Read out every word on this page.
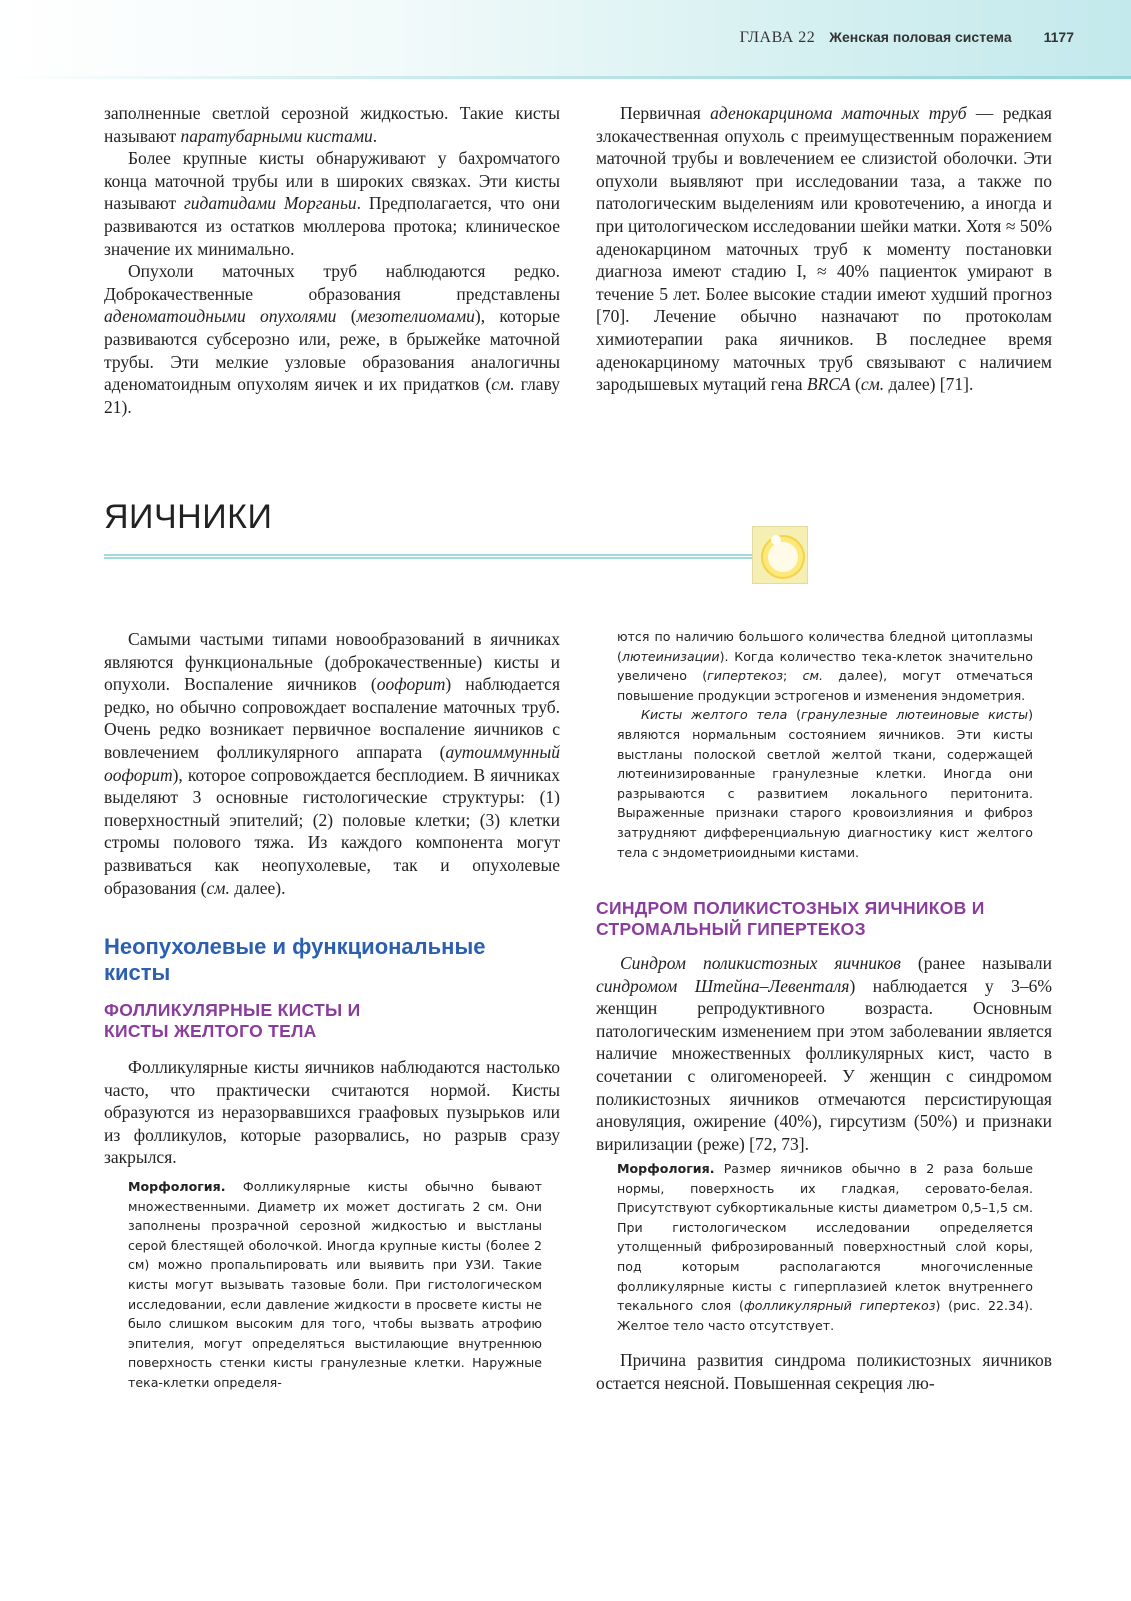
ГЛАВА 22 Женская половая система 1177

заполненные светлой серозной жидкостью. Такие кисты называют паратубарными кистами.

Более крупные кисты обнаруживают у бахромчатого конца маточной трубы или в широких связках. Эти кисты называют гидатидами Морганьи. Предполагается, что они развиваются из остатков мюллерова протока; клиническое значение их минимально.

Опухоли маточных труб наблюдаются редко. Доброкачественные образования представлены аденоматоидными опухолями (мезотелиомами), которые развиваются субсерозно или, реже, в брыжейке маточной трубы. Эти мелкие узловые образования аналогичны аденоматоидным опухолям яичек и их придатков (см. главу 21).

Первичная аденокарцинома маточных труб — редкая злокачественная опухоль с преимущественным поражением маточной трубы и вовлечением ее слизистой оболочки. Эти опухоли выявляют при исследовании таза, а также по патологическим выделениям или кровотечению, а иногда и при цитологическом исследовании шейки матки. Хотя ≈ 50% аденокарцином маточных труб к моменту постановки диагноза имеют стадию I, ≈ 40% пациенток умирают в течение 5 лет. Более высокие стадии имеют худший прогноз [70]. Лечение обычно назначают по протоколам химиотерапии рака яичников. В последнее время аденокарциному маточных труб связывают с наличием зародышевых мутаций гена BRCA (см. далее) [71].

ЯИЧНИКИ

Самыми частыми типами новообразований в яичниках являются функциональные (доброкачественные) кисты и опухоли. Воспаление яичников (оофорит) наблюдается редко, но обычно сопровождает воспаление маточных труб. Очень редко возникает первичное воспаление яичников с вовлечением фолликулярного аппарата (аутоиммунный оофорит), которое сопровождается бесплодием. В яичниках выделяют 3 основные гистологические структуры: (1) поверхностный эпителий; (2) половые клетки; (3) клетки стромы полового тяжа. Из каждого компонента могут развиваться как неопухолевые, так и опухолевые образования (см. далее).

Неопухолевые и функциональные кисты
ФОЛЛИКУЛЯРНЫЕ КИСТЫ И КИСТЫ ЖЕЛТОГО ТЕЛА

Фолликулярные кисты яичников наблюдаются настолько часто, что практически считаются нормой. Кисты образуются из неразорвавшихся граафовых пузырьков или из фолликулов, которые разорвались, но разрыв сразу закрылся.

Морфология. Фолликулярные кисты обычно бывают множественными. Диаметр их может достигать 2 см. Они заполнены прозрачной серозной жидкостью и выстланы серой блестящей оболочкой. Иногда крупные кисты (более 2 см) можно пропальпировать или выявить при УЗИ. Такие кисты могут вызывать тазовые боли. При гистологическом исследовании, если давление жидкости в просвете кисты не было слишком высоким для того, чтобы вызвать атрофию эпителия, могут определяться выстилающие внутреннюю поверхность стенки кисты гранулезные клетки. Наружные тека-клетки определя-

ются по наличию большого количества бледной цитоплазмы (лютеинизации). Когда количество тека-клеток значительно увеличено (гипертекоз; см. далее), могут отмечаться повышение продукции эстрогенов и изменения эндометрия.

Кисты желтого тела (гранулезные лютеиновые кисты) являются нормальным состоянием яичников. Эти кисты выстланы полоской светлой желтой ткани, содержащей лютеинизированные гранулезные клетки. Иногда они разрываются с развитием локального перитонита. Выраженные признаки старого кровоизлияния и фиброз затрудняют дифференциальную диагностику кист желтого тела с эндометриоидными кистами.

СИНДРОМ ПОЛИКИСТОЗНЫХ ЯИЧНИКОВ И СТРОМАЛЬНЫЙ ГИПЕРТЕКОЗ

Синдром поликистозных яичников (ранее называли синдромом Штейна–Левенталя) наблюдается у 3–6% женщин репродуктивного возраста. Основным патологическим изменением при этом заболевании является наличие множественных фолликулярных кист, часто в сочетании с олигоменореей. У женщин с синдромом поликистозных яичников отмечаются персистирующая ановуляция, ожирение (40%), гирсутизм (50%) и признаки вирилизации (реже) [72, 73].

Морфология. Размер яичников обычно в 2 раза больше нормы, поверхность их гладкая, серовато-белая. Присутствуют субкортикальные кисты диаметром 0,5–1,5 см. При гистологическом исследовании определяется утолщенный фиброзированный поверхностный слой коры, под которым располагаются многочисленные фолликулярные кисты с гиперплазией клеток внутреннего текального слоя (фолликулярный гипертекоз) (рис. 22.34). Желтое тело часто отсутствует.

Причина развития синдрома поликистозных яичников остается неясной. Повышенная секреция лю-
